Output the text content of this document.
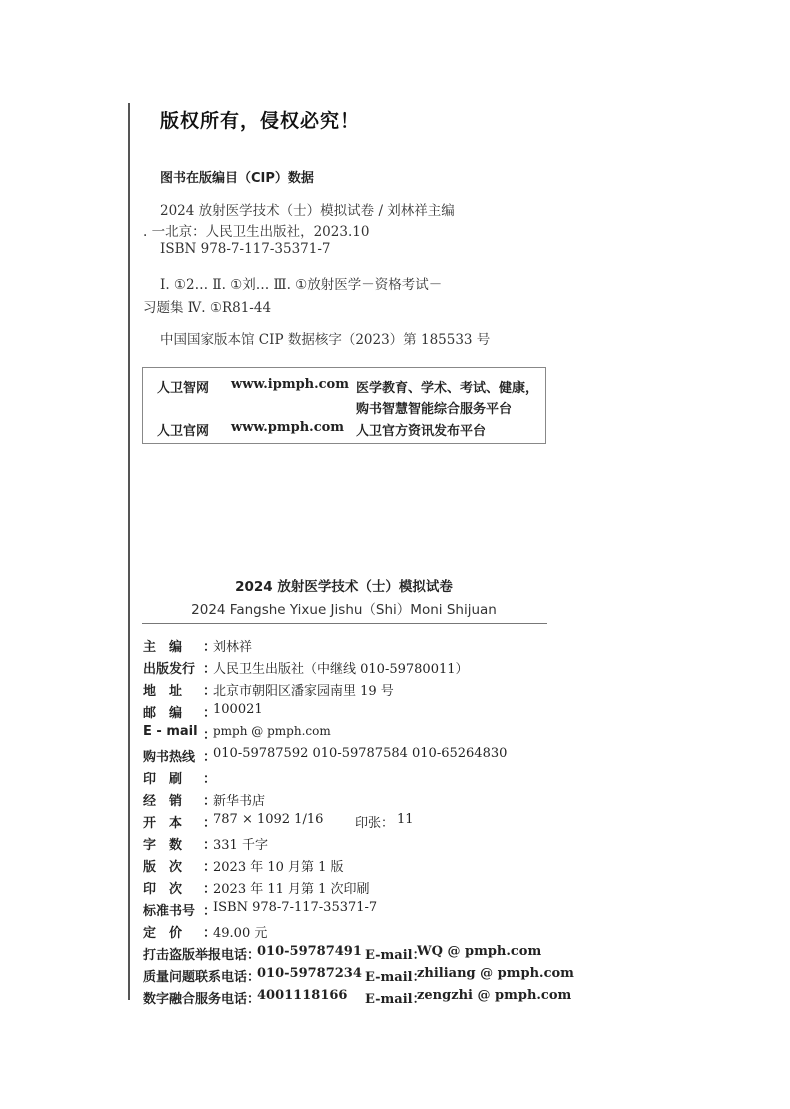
版权所有，侵权必究！
图书在版编目（CIP）数据
2024 放射医学技术（士）模拟试卷 / 刘林祥主编
. 一北京：人民卫生出版社，2023.10
ISBN 978-7-117-35371-7
Ⅰ. ①2… Ⅱ. ①刘… Ⅲ. ①放射医学－资格考试－
习题集 Ⅳ. ①R81-44
中国国家版本馆 CIP 数据核字（2023）第 185533 号
人卫智网 www.ipmph.com 医学教育、学术、考试、健康，
购书智慧智能综合服务平台
人卫官网 www.pmph.com 人卫官方资讯发布平台
2024 放射医学技术（士）模拟试卷
2024 Fangshe Yixue Jishu（Shi）Moni Shijuan
主　编 ：
刘林祥
出版发行 ：
人民卫生出版社（中继线 010-59780011）
地　址 ：
北京市朝阳区潘家园南里 19 号
邮　编 ：
100021
E - mail ：
pmph @ pmph.com
购书热线 ：
010-59787592 010-59787584 010-65264830
印　刷 ：
经　销 ：
新华书店
开　本 ：
787 × 1092 1/16 印张： 11
字　数 ：
331 千字
版　次 ：
2023 年 10 月第 1 版
印　次 ：
2023 年 11 月第 1 次印刷
标准书号 ：
ISBN 978-7-117-35371-7
定　价 ：
49.00 元
打击盗版举报电话：
010-59787491 E-mail：
WQ @ pmph.com
质量问题联系电话：
010-59787234 E-mail：
zhiliang @ pmph.com
数字融合服务电话：
4001118166 E-mail：
zengzhi @ pmph.com
